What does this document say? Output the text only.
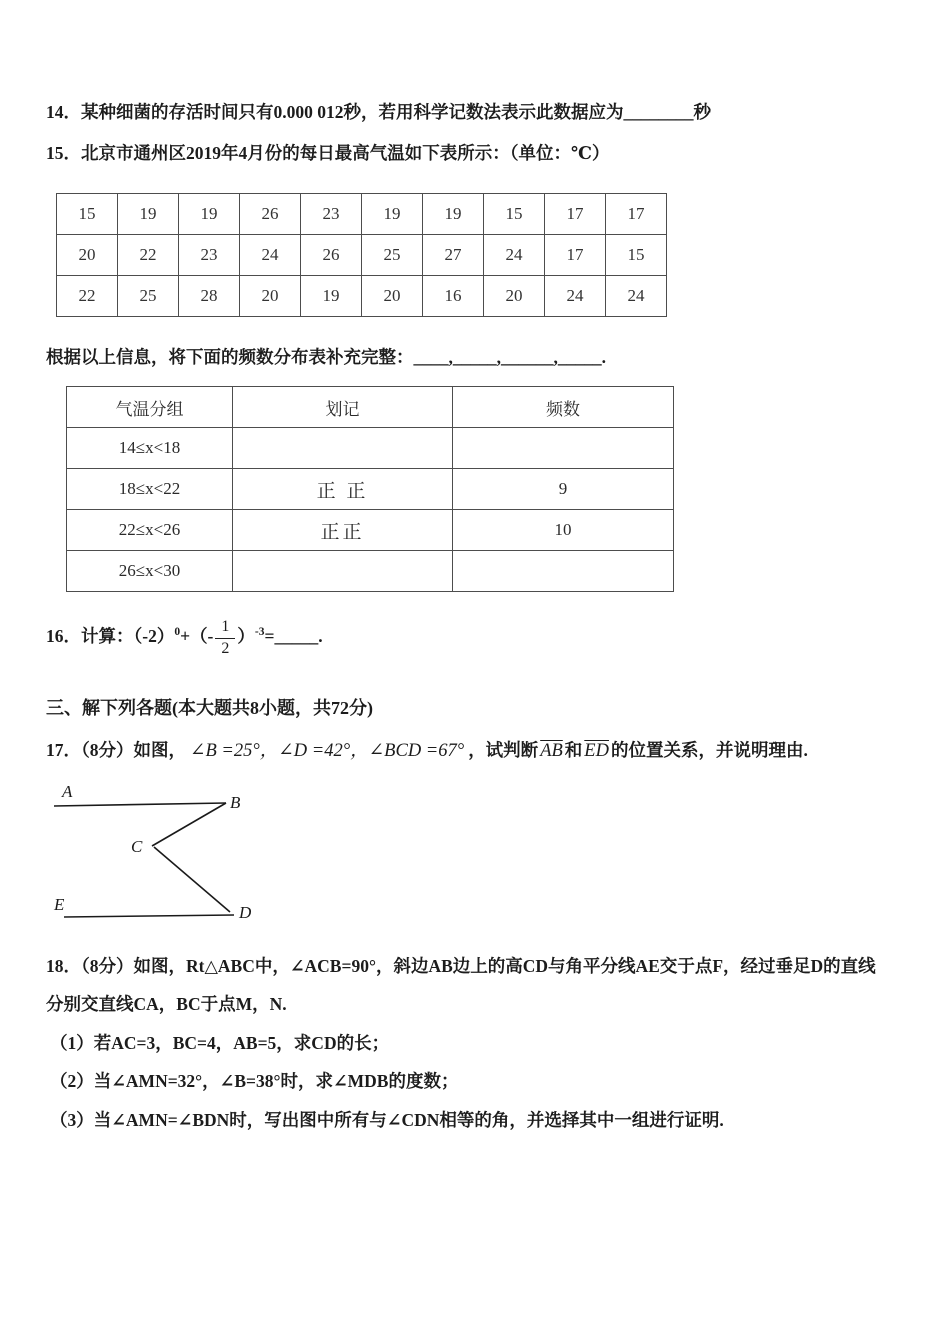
14．某种细菌的存活时间只有0.000 012秒，若用科学记数法表示此数据应为________秒

15．北京市通州区2019年4月份的每日最高气温如下表所示：（单位：℃）

15	19	19	26	23	19	19	15	17	17
20	22	23	24	26	25	27	24	17	15
22	25	28	20	19	20	16	20	24	24

根据以上信息，将下面的频数分布表补充完整：____,_____,______,_____.

气温分组	划记	频数
14≤x<18		
18≤x<22	正 正	9
22≤x<26	正正	10
26≤x<30		
16．计算：$(-2)^0+(- \frac{1}{2}$ ）$^{-3}$=_____.

三、解下列各题(本大题共8小题，共72分)

17．（8分）如图， ∠B =25°，∠D =42°，∠BCD =67° ，试判断 $\overline{AB}$ 和 $\overline{ED}$ 的位置关系，并说明理由.
A
B
C
E	D

18．（8分）如图，Rt△ABC中，∠ACB=90°，斜边AB边上的高CD与角平分线AE交于点F，经过垂足D的直线

分别交直线CA，BC于点M，N.

（1）若AC=3，BC=4，AB=5，求CD的长；

（2）当∠AMN=32°，∠B=38°时，求∠MDB的度数；

（3）当∠AMN=∠BDN时，写出图中所有与∠CDN相等的角，并选择其中一组进行证明.
